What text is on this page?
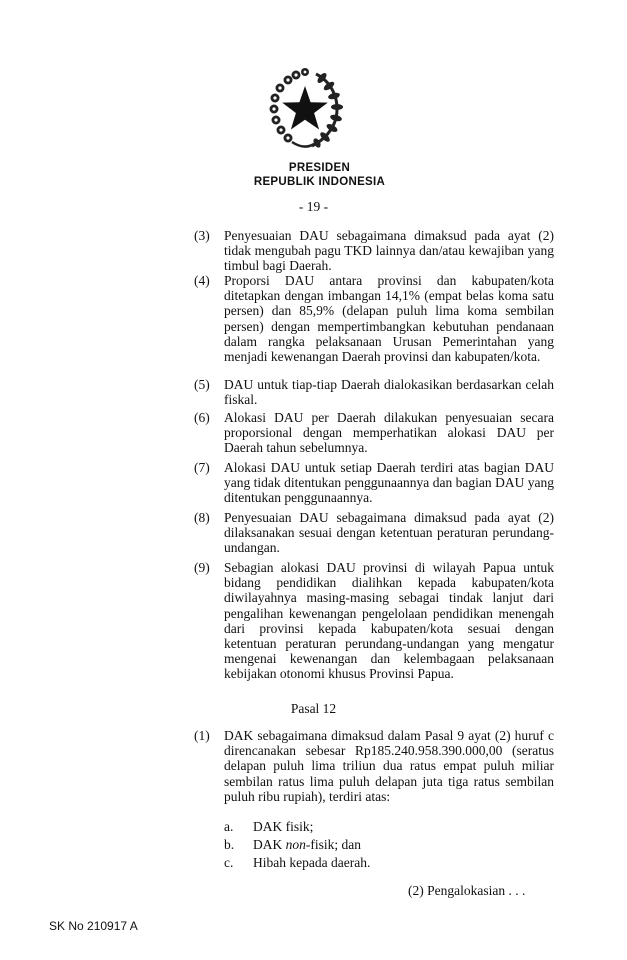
PRESIDEN
REPUBLIK INDONESIA
- 19 -
(3) Penyesuaian DAU sebagaimana dimaksud pada ayat (2) tidak mengubah pagu TKD lainnya dan/atau kewajiban yang timbul bagi Daerah.
(4) Proporsi DAU antara provinsi dan kabupaten/kota ditetapkan dengan imbangan 14,1% (empat belas koma satu persen) dan 85,9% (delapan puluh lima koma sembilan persen) dengan mempertimbangkan kebutuhan pendanaan dalam rangka pelaksanaan Urusan Pemerintahan yang menjadi kewenangan Daerah provinsi dan kabupaten/kota.
(5) DAU untuk tiap-tiap Daerah dialokasikan berdasarkan celah fiskal.
(6) Alokasi DAU per Daerah dilakukan penyesuaian secara proporsional dengan memperhatikan alokasi DAU per Daerah tahun sebelumnya.
(7) Alokasi DAU untuk setiap Daerah terdiri atas bagian DAU yang tidak ditentukan penggunaannya dan bagian DAU yang ditentukan penggunaannya.
(8) Penyesuaian DAU sebagaimana dimaksud pada ayat (2) dilaksanakan sesuai dengan ketentuan peraturan perundang-undangan.
(9) Sebagian alokasi DAU provinsi di wilayah Papua untuk bidang pendidikan dialihkan kepada kabupaten/kota diwilayahnya masing-masing sebagai tindak lanjut dari pengalihan kewenangan pengelolaan pendidikan menengah dari provinsi kepada kabupaten/kota sesuai dengan ketentuan peraturan perundang-undangan yang mengatur mengenai kewenangan dan kelembagaan pelaksanaan kebijakan otonomi khusus Provinsi Papua.
Pasal 12
(1) DAK sebagaimana dimaksud dalam Pasal 9 ayat (2) huruf c direncanakan sebesar Rp185.240.958.390.000,00 (seratus delapan puluh lima triliun dua ratus empat puluh miliar sembilan ratus lima puluh delapan juta tiga ratus sembilan puluh ribu rupiah), terdiri atas:
a. DAK fisik;
b. DAK non-fisik; dan
c. Hibah kepada daerah.
(2) Pengalokasian . . .
SK No 210917 A
